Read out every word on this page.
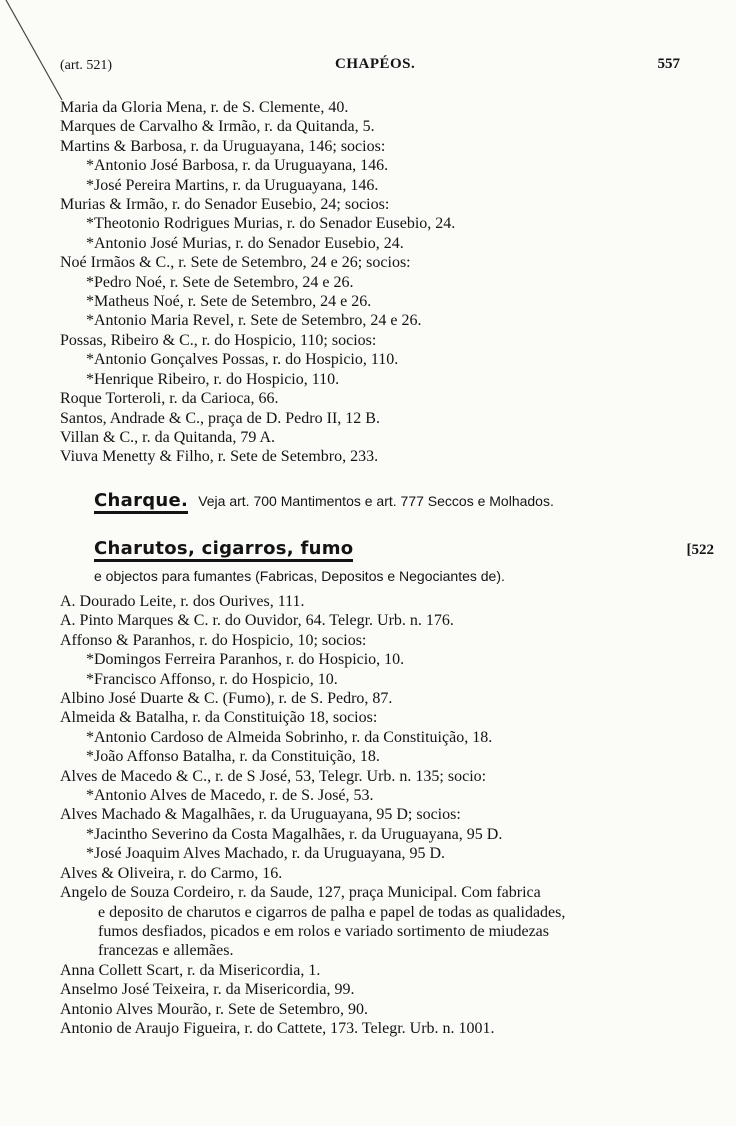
(art. 521)	CHAPÉOS.	557
Maria da Gloria Mena, r. de S. Clemente, 40.
Marques de Carvalho & Irmão, r. da Quitanda, 5.
Martins & Barbosa, r. da Uruguayana, 146; socios:
*Antonio José Barbosa, r. da Uruguayana, 146.
*José Pereira Martins, r. da Uruguayana, 146.
Murias & Irmão, r. do Senador Eusebio, 24; socios:
*Theotonio Rodrigues Murias, r. do Senador Eusebio, 24.
*Antonio José Murias, r. do Senador Eusebio, 24.
Noé Irmãos & C., r. Sete de Setembro, 24 e 26; socios:
*Pedro Noé, r. Sete de Setembro, 24 e 26.
*Matheus Noé, r. Sete de Setembro, 24 e 26.
*Antonio Maria Revel, r. Sete de Setembro, 24 e 26.
Possas, Ribeiro & C., r. do Hospicio, 110; socios:
*Antonio Gonçalves Possas, r. do Hospicio, 110.
*Henrique Ribeiro, r. do Hospicio, 110.
Roque Torteroli, r. da Carioca, 66.
Santos, Andrade & C., praça de D. Pedro II, 12 B.
Villan & C., r. da Quitanda, 79 A.
Viuva Menetty & Filho, r. Sete de Setembro, 233.
Charque. Veja art. 700 Mantimentos e art. 777 Seccos e Molhados.
Charutos, cigarros, fumo	[522
e objectos para fumantes (Fabricas, Depositos e Negociantes de).
A. Dourado Leite, r. dos Ourives, 111.
A. Pinto Marques & C. r. do Ouvidor, 64. Telegr. Urb. n. 176.
Affonso & Paranhos, r. do Hospicio, 10; socios:
*Domingos Ferreira Paranhos, r. do Hospicio, 10.
*Francisco Affonso, r. do Hospicio, 10.
Albino José Duarte & C. (Fumo), r. de S. Pedro, 87.
Almeida & Batalha, r. da Constituição 18, socios:
*Antonio Cardoso de Almeida Sobrinho, r. da Constituição, 18.
*João Affonso Batalha, r. da Constituição, 18.
Alves de Macedo & C., r. de S José, 53, Telegr. Urb. n. 135; socio:
*Antonio Alves de Macedo, r. de S. José, 53.
Alves Machado & Magalhães, r. da Uruguayana, 95 D; socios:
*Jacintho Severino da Costa Magalhães, r. da Uruguayana, 95 D.
*José Joaquim Alves Machado, r. da Uruguayana, 95 D.
Alves & Oliveira, r. do Carmo, 16.
Angelo de Souza Cordeiro, r. da Saude, 127, praça Municipal. Com fabrica
e deposito de charutos e cigarros de palha e papel de todas as qualidades,
fumos desfiados, picados e em rolos e variado sortimento de miudezas
francezas e allemães.
Anna Collett Scart, r. da Misericordia, 1.
Anselmo José Teixeira, r. da Misericordia, 99.
Antonio Alves Mourão, r. Sete de Setembro, 90.
Antonio de Araujo Figueira, r. do Cattete, 173. Telegr. Urb. n. 1001.
